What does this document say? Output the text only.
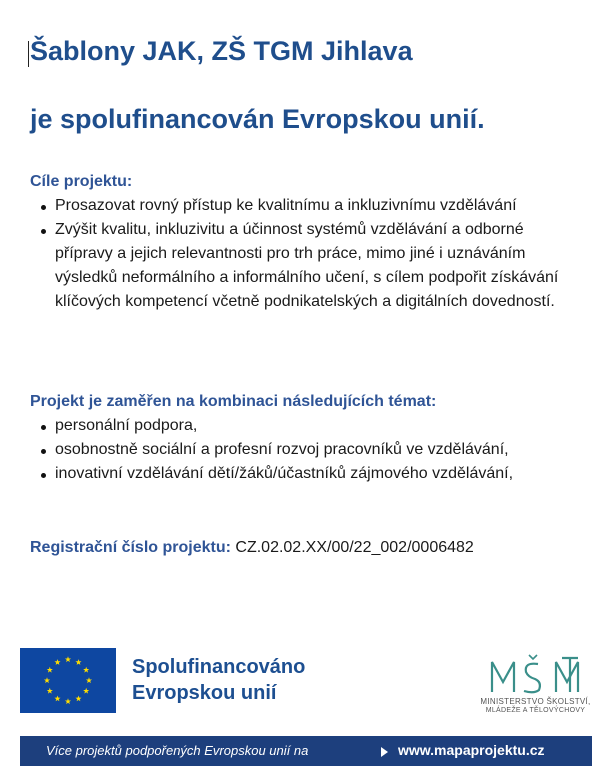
Šablony JAK, ZŠ TGM Jihlava
je spolufinancován Evropskou unií.
Cíle projektu:
Prosazovat rovný přístup ke kvalitnímu a inkluzivnímu vzdělávání
Zvýšit kvalitu, inkluzivitu a účinnost systémů vzdělávání a odborné přípravy a jejich relevantnosti pro trh práce, mimo jiné i uznáváním výsledků neformálního a informálního učení, s cílem podpořit získávání klíčových kompetencí včetně podnikatelských a digitálních dovedností.
Projekt je zaměřen na kombinaci následujících témat:
personální podpora,
osobnostně sociální a profesní rozvoj pracovníků ve vzdělávání,
inovativní vzdělávání dětí/žáků/účastníků zájmového vzdělávání,

Registrační číslo projektu: CZ.02.02.XX/00/22_002/0006482

Spolufinancováno
Evropskou unií	MINISTERSTVO ŠKOLSTVÍ,
MLÁDEŽE A TĚLOVÝCHOVY
Více projektů podpořených Evropskou unií na	www.mapaprojektu.cz
